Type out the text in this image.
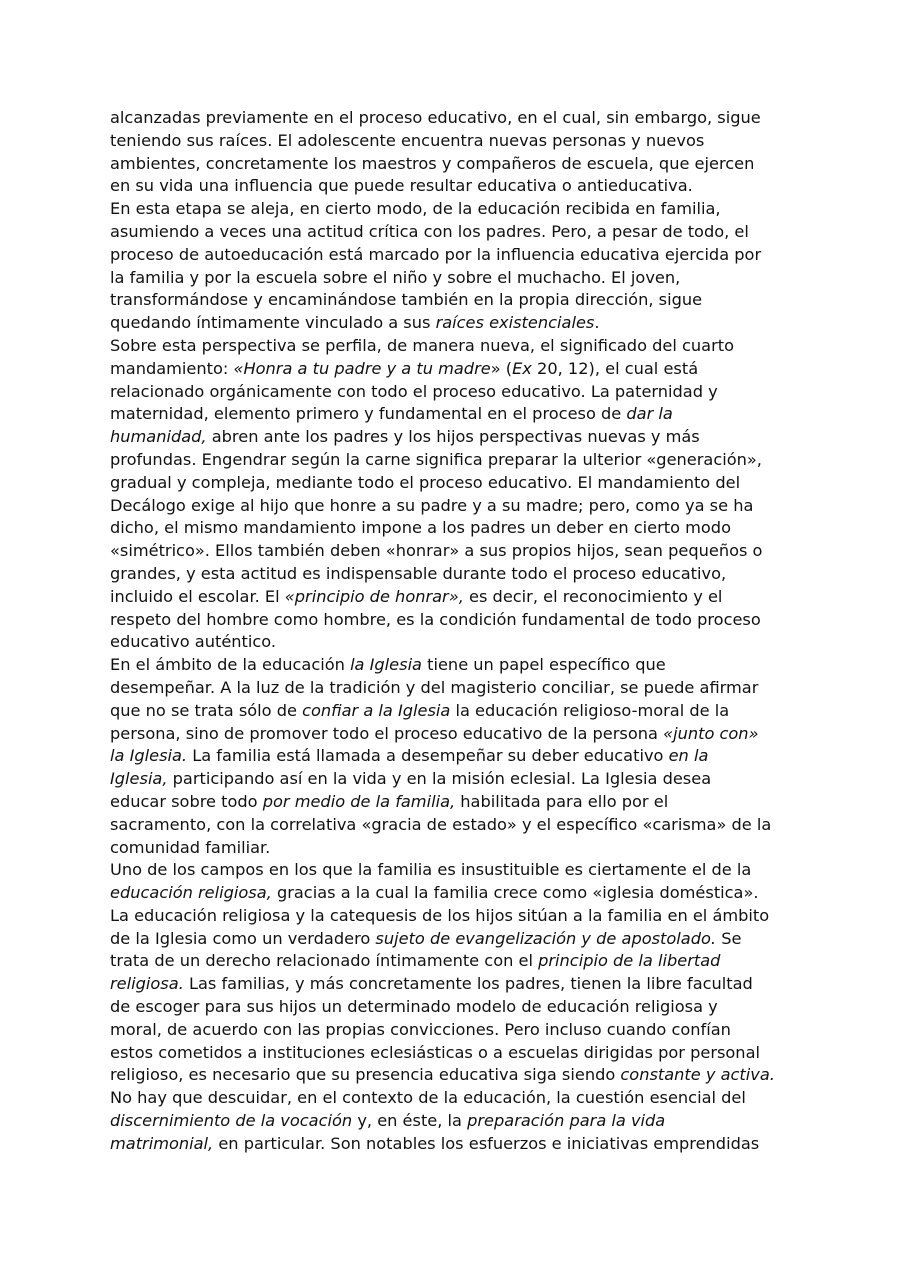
alcanzadas previamente en el proceso educativo, en el cual, sin embargo, sigue
teniendo sus raíces. El adolescente encuentra nuevas personas y nuevos
ambientes, concretamente los maestros y compañeros de escuela, que ejercen
en su vida una influencia que puede resultar educativa o antieducativa.

En esta etapa se aleja, en cierto modo, de la educación recibida en familia,
asumiendo a veces una actitud crítica con los padres. Pero, a pesar de todo, el
proceso de autoeducación está marcado por la influencia educativa ejercida por
la familia y por la escuela sobre el niño y sobre el muchacho. El joven,
transformándose y encaminándose también en la propia dirección, sigue
quedando íntimamente vinculado a sus raíces existenciales.

Sobre esta perspectiva se perfila, de manera nueva, el significado del cuarto
mandamiento: «Honra a tu padre y a tu madre» (Ex 20, 12), el cual está
relacionado orgánicamente con todo el proceso educativo. La paternidad y
maternidad, elemento primero y fundamental en el proceso de dar la
humanidad, abren ante los padres y los hijos perspectivas nuevas y más
profundas. Engendrar según la carne significa preparar la ulterior «generación»,
gradual y compleja, mediante todo el proceso educativo. El mandamiento del
Decálogo exige al hijo que honre a su padre y a su madre; pero, como ya se ha
dicho, el mismo mandamiento impone a los padres un deber en cierto modo
«simétrico». Ellos también deben «honrar» a sus propios hijos, sean pequeños o
grandes, y esta actitud es indispensable durante todo el proceso educativo,
incluido el escolar. El «principio de honrar», es decir, el reconocimiento y el
respeto del hombre como hombre, es la condición fundamental de todo proceso
educativo auténtico.

En el ámbito de la educación la Iglesia tiene un papel específico que
desempeñar. A la luz de la tradición y del magisterio conciliar, se puede afirmar
que no se trata sólo de confiar a la Iglesia la educación religioso-moral de la
persona, sino de promover todo el proceso educativo de la persona «junto con»
la Iglesia. La familia está llamada a desempeñar su deber educativo en la
Iglesia, participando así en la vida y en la misión eclesial. La Iglesia desea
educar sobre todo por medio de la familia, habilitada para ello por el
sacramento, con la correlativa «gracia de estado» y el específico «carisma» de la
comunidad familiar.

Uno de los campos en los que la familia es insustituible es ciertamente el de la
educación religiosa, gracias a la cual la familia crece como «iglesia doméstica».
La educación religiosa y la catequesis de los hijos sitúan a la familia en el ámbito
de la Iglesia como un verdadero sujeto de evangelización y de apostolado. Se
trata de un derecho relacionado íntimamente con el principio de la libertad
religiosa. Las familias, y más concretamente los padres, tienen la libre facultad
de escoger para sus hijos un determinado modelo de educación religiosa y
moral, de acuerdo con las propias convicciones. Pero incluso cuando confían
estos cometidos a instituciones eclesiásticas o a escuelas dirigidas por personal
religioso, es necesario que su presencia educativa siga siendo constante y activa.

No hay que descuidar, en el contexto de la educación, la cuestión esencial del
discernimiento de la vocación y, en éste, la preparación para la vida
matrimonial, en particular. Son notables los esfuerzos e iniciativas emprendidas
